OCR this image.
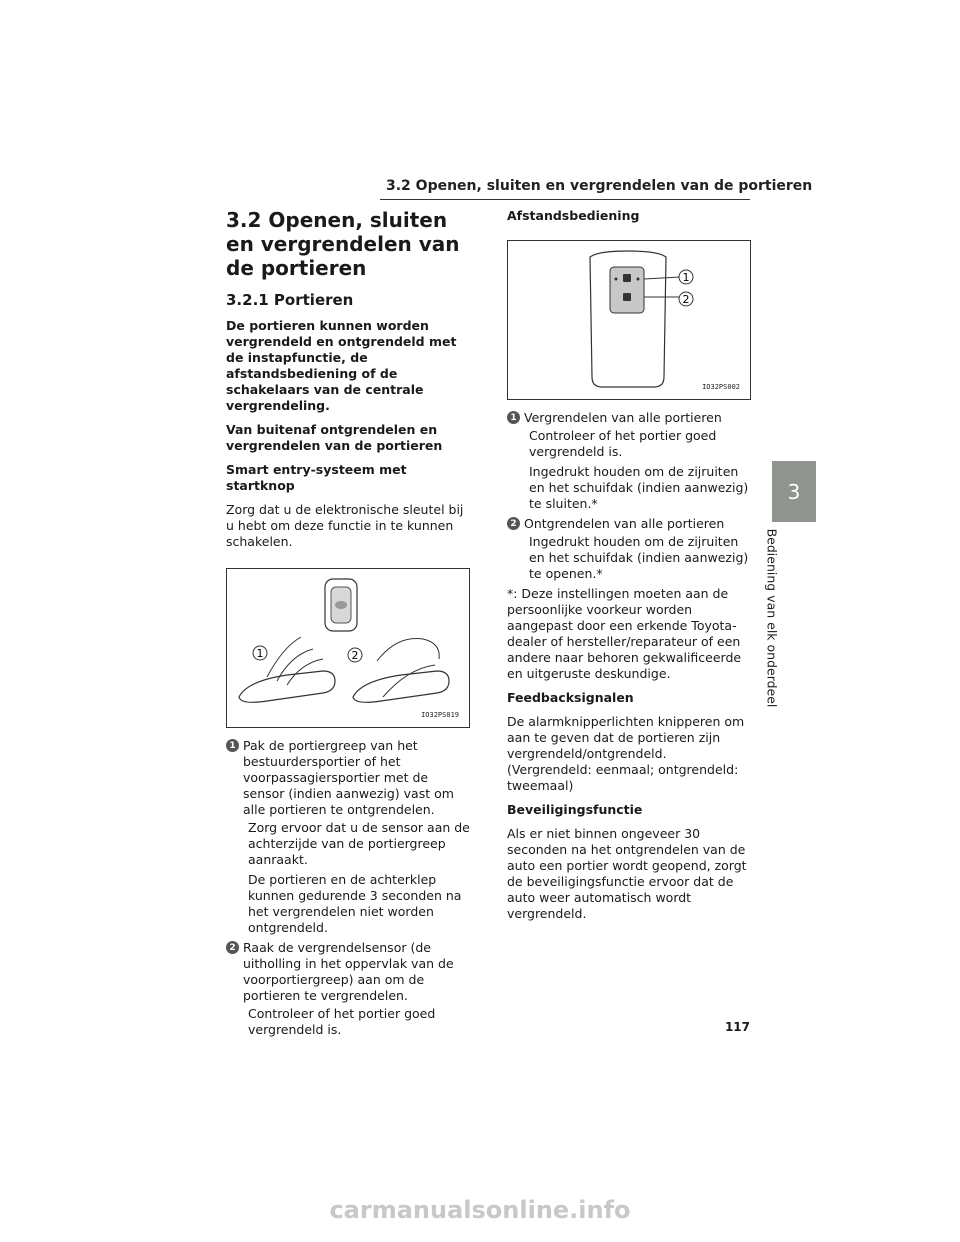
3.2 Openen, sluiten en vergrendelen van de portieren
3.2 Openen, sluiten en vergrendelen van de portieren
3.2.1 Portieren

De portieren kunnen worden vergrendeld en ontgrendeld met de instapfunctie, de afstandsbediening of de schakelaars van de centrale vergrendeling.

Van buitenaf ontgrendelen en vergrendelen van de portieren

Smart entry-systeem met startknop

Zorg dat u de elektronische sleutel bij u hebt om deze functie in te kunnen schakelen.

1	2
IO32PS019
1 Pak de portiergreep van het bestuurdersportier of het voorpassagiersportier met de sensor (indien aanwezig) vast om alle portieren te ontgrendelen.

Zorg ervoor dat u de sensor aan de achterzijde van de portiergreep aanraakt.

De portieren en de achterklep kunnen gedurende 3 seconden na het vergrendelen niet worden ontgrendeld.

2 Raak de vergrendelsensor (de uitholling in het oppervlak van de voorportiergreep) aan om de portieren te vergrendelen.

Controleer of het portier goed vergrendeld is.

Afstandsbediening

1
2
IO32PS002
1 Vergrendelen van alle portieren

Controleer of het portier goed vergrendeld is.

Ingedrukt houden om de zijruiten en het schuifdak (indien aanwezig) te sluiten.*

2 Ontgrendelen van alle portieren

Ingedrukt houden om de zijruiten en het schuifdak (indien aanwezig) te openen.*

*: Deze instellingen moeten aan de persoonlijke voorkeur worden aangepast door een erkende Toyota-dealer of hersteller/reparateur of een andere naar behoren gekwalificeerde en uitgeruste deskundige.

Feedbacksignalen

De alarmknipperlichten knipperen om aan te geven dat de portieren zijn vergrendeld/ontgrendeld. (Vergrendeld: eenmaal; ontgrendeld: tweemaal)

Beveiligingsfunctie

Als er niet binnen ongeveer 30 seconden na het ontgrendelen van de auto een portier wordt geopend, zorgt de beveiligingsfunctie ervoor dat de auto weer automatisch wordt vergrendeld.

3
Bediening van elk onderdeel
117
carmanualsonline.info
